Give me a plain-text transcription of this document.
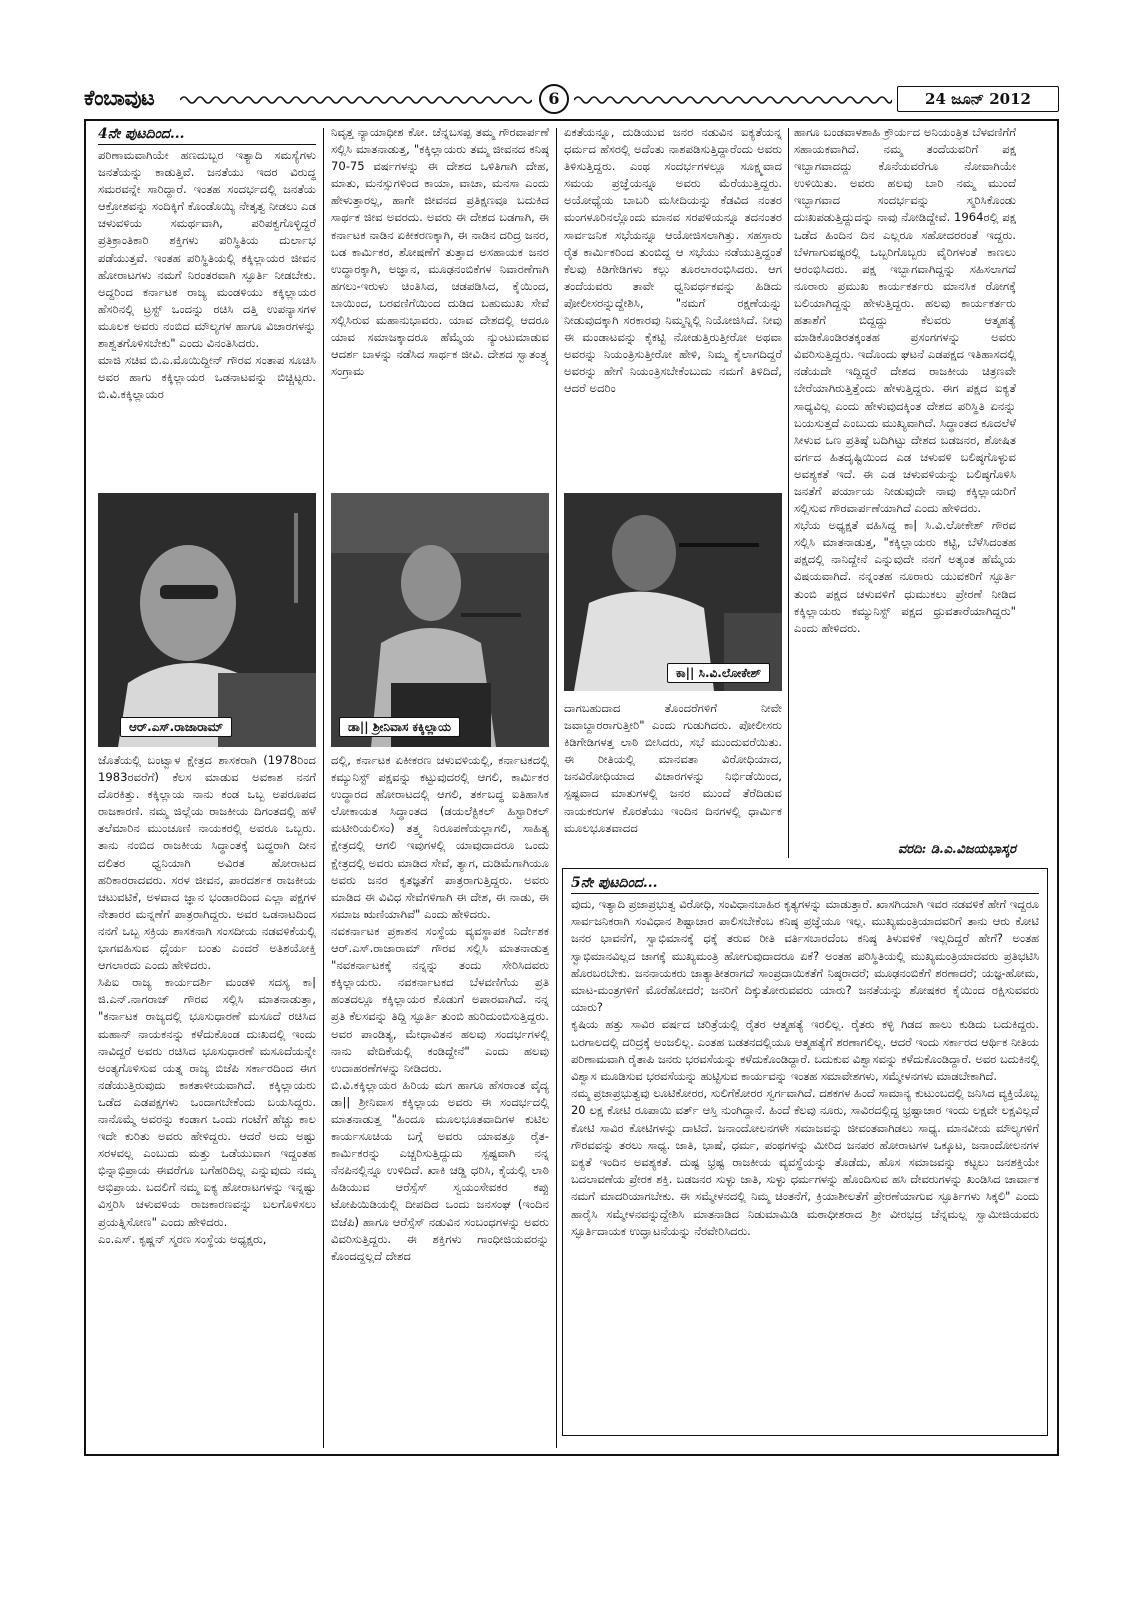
ಕೆಂಬಾವುಟ	6	24 ಜೂನ್ 2012
4ನೇ ಪುಟದಿಂದ...

ಪರಿಣಾಮವಾಗಿಯೇ ಹಣದುಬ್ಬರ ಇತ್ಯಾದಿ ಸಮಸ್ಯೆಗಳು ಜನತೆಯನ್ನು ಕಾಡುತ್ತಿವೆ. ಜನತೆಯು ಇದರ ವಿರುದ್ಧ ಸಮರವನ್ನೇ ಸಾರಿದ್ದಾರೆ. ಇಂತಹ ಸಂದರ್ಭದಲ್ಲಿ ಜನತೆಯ ಆಕ್ರೋಶವನ್ನು ಸಂದಿಕ್ಕಿಗೆ ಕೊಂಡೊಯ್ಯಿ ನೇತೃತ್ವ ನೀಡಲು ಎಡ ಚಳುವಳಿಯ ಸಮರ್ಥವಾಗಿ, ಪರಿಪಕ್ವಗೊಳ್ಳಿದ್ದರೆ ಪ್ರತಿಕ್ರಾಂತಿಕಾರಿ ಶಕ್ತಿಗಳು ಪರಿಸ್ಥಿತಿಯ ದುರ್ಲಾಭ ಪಡೆಯುತ್ತವೆ. ಇಂತಹ ಪರಿಸ್ಥಿತಿಯಲ್ಲಿ ಕಕ್ಕಿಲ್ಲಾಯರ ಜೀವನ ಹೋರಾಟಗಳು ನಮಗೆ ನಿರಂತರವಾಗಿ ಸ್ಫೂರ್ತಿ ನೀಡಬೇಕು. ಅದ್ದರಿಂದ ಕರ್ನಾಟಕ ರಾಜ್ಯ ಮಂಡಳಿಯು ಕಕ್ಕಿಲ್ಲಾಯರ ಹೆಸರಿನಲ್ಲಿ ಟ್ರಸ್ಟ್ ಒಂದನ್ನು ರಚಿಸಿ ದತ್ತಿ ಉಪನ್ಯಾಸಗಳ ಮೂಲಕ ಅವರು ನಂಬಿದ ಮೌಲ್ಯಗಳ ಹಾಗೂ ವಿಚಾರಗಳನ್ನು ಶಾಶ್ವತಗೊಳಿಸಬೇಕು" ಎಂದು ವಿನಂತಿಸಿದರು.

ಮಾಜಿ ಸಚಿವ ಬಿ.ಎ.ಮೊಯಿದ್ದೀನ್ ಗೌರವ ಸಂತಾಪ ಸೂಚಿಸಿ ಅವರ ಹಾಗು ಕಕ್ಕಿಲ್ಲಾಯರ ಒಡನಾಟವನ್ನು ಬಿಚ್ಚಿಟ್ಟರು. ಬಿ.ವಿ.ಕಕ್ಕಿಲ್ಲಾಯರ

ಆರ್.ಎಸ್.ರಾಜಾರಾಮ್

ಜೊತೆಯಲ್ಲಿ ಬಂಟ್ವಾಳ ಕ್ಷೇತ್ರದ ಶಾಸಕರಾಗಿ (1978ರಿಂದ 1983ರವರೆಗೆ) ಕೆಲಸ ಮಾಡುವ ಅವಕಾಶ ನನಗೆ ದೊರಕಿತ್ತು. ಕಕ್ಕಿಲ್ಲಾಯ ನಾನು ಕಂಡ ಒಬ್ಬ ಅಪರೂಪದ ರಾಜಕಾರಣಿ. ನಮ್ಮ ಜಿಲ್ಲೆಯ ರಾಜಕೀಯ ದಿಗಂತದಲ್ಲಿ ಹಳೆ ತಲೆಮಾರಿನ ಮುಂಚೂಣಿ ನಾಯಕರಲ್ಲಿ ಅವರೂ ಒಬ್ಬರು. ತಾನು ನಂಬಿದ ರಾಜಕೀಯ ಸಿದ್ಧಾಂತಕ್ಕೆ ಬದ್ಧರಾಗಿ ದೀನ ದಲಿತರ ಧ್ವನಿಯಾಗಿ ಅವಿರತ ಹೋರಾಟದ ಹರಿಕಾರರಾದವರು. ಸರಳ ಜೀವನ, ಪಾರದರ್ಶಕ ರಾಜಕೀಯ ಚಟುವಟಿಕೆ, ಅಳವಾದ ಜ್ಞಾನ ಭಂಡಾರದಿಂದ ಎಲ್ಲಾ ಪಕ್ಷಗಳ ನೇತಾರರ ಮನ್ನಣೆಗೆ ಪಾತ್ರರಾಗಿದ್ದರು. ಅವರ ಒಡನಾಟದಿಂದ ನನಗೆ ಒಬ್ಬ ಸಕ್ರಿಯ ಶಾಸಕನಾಗಿ ಸಂಸದೀಯ ನಡವಳಿಕೆಯಲ್ಲಿ ಭಾಗವಹಿಸುವ ಧೈರ್ಯ ಬಂತು ಎಂದರೆ ಅತಿಶಯೋಕ್ತಿ ಆಗಲಾರದು ಎಂದು ಹೇಳಿದರು.

ಸಿಪಿಐ ರಾಜ್ಯ ಕಾರ್ಯದರ್ಶಿ ಮಂಡಳಿ ಸದಸ್ಯ ಕಾ| ಜಿ.ಎನ್.ನಾಗರಾಜ್ ಗೌರವ ಸಲ್ಲಿಸಿ ಮಾತನಾಡುತ್ತಾ, "ಕರ್ನಾಟಕ ರಾಜ್ಯದಲ್ಲಿ ಭೂಸುಧಾರಣೆ ಮಸೂದೆ ರಚಿಸಿದ ಮಹಾನ್ ನಾಯಕನನ್ನು ಕಳೆದುಕೊಂಡ ದುಃಖದಲ್ಲಿ ಇಂದು ನಾವಿದ್ದರೆ ಅವರು ರಚಿಸಿದ ಭೂಸುಧಾರಣೆ ಮಸೂದೆಯನ್ನೇ ಅಂತ್ಯಗೊಳಿಸುವ ಯತ್ನ ರಾಜ್ಯ ಬಿಜೆಪಿ ಸರ್ಕಾರದಿಂದ ಈಗ ನಡೆಯುತ್ತಿರುವುದು ಕಾಕತಾಳೀಯವಾಗಿದೆ. ಕಕ್ಕಿಲ್ಲಾಯರು ಒಡೆದ ಎಡಪಕ್ಷಗಳು ಒಂದಾಗಬೇಕೆಂದು ಬಯಸಿದ್ದರು. ನಾನೊಮ್ಮೆ ಅವರನ್ನು ಕಂಡಾಗ ಒಂದು ಗಂಟೆಗೆ ಹೆಚ್ಚು ಕಾಲ ಇದೇ ಕುರಿತು ಅವರು ಹೇಳಿದ್ದರು. ಆದರೆ ಅದು ಅಷ್ಟು ಸರಳವಲ್ಲ ಎಂಬುದು ಮತ್ತು ಒಡೆಯುವಾಗ ಇದ್ದಂತಹ ಭಿನ್ನಾಭಿಪ್ರಾಯ ಈವರೆಗೂ ಬಗೆಹರಿದಿಲ್ಲ ಎನ್ನುವುದು ನಮ್ಮ ಅಭಿಪ್ರಾಯ. ಬದಲಿಗೆ ನಮ್ಮ ಐಕ್ಯ ಹೋರಾಟಗಳನ್ನು ಇನ್ನಷ್ಟು ವಿಸ್ತರಿಸಿ ಚಳುವಳಿಯ ರಾಜಕಾರಣವನ್ನು ಬಲಗೊಳಿಸಲು ಪ್ರಯತ್ನಿಸೋಣ" ಎಂದು ಹೇಳಿದರು.

ಎಂ.ಎಸ್. ಕೃಷ್ಣನ್ ಸ್ಮರಣ ಸಂಸ್ಥೆಯ ಅಧ್ಯಕ್ಷರು,

ನಿವೃತ್ತ ನ್ಯಾಯಾಧೀಶ ಕೋ. ಚೆನ್ನಬಸಪ್ಪ ತಮ್ಮ ಗೌರವಾರ್ಪಣೆ ಸಲ್ಲಿಸಿ ಮಾತನಾಡುತ್ತ, "ಕಕ್ಕಿಲ್ಲಾಯರು ತಮ್ಮ ಜೀವನದ ಕನಿಷ್ಠ 70-75 ವರ್ಷಗಳನ್ನು ಈ ದೇಶದ ಒಳಿತಿಗಾಗಿ ದೇಹ, ಮಾತು, ಮನಸ್ಸುಗಳಿಂದ ಕಾಯಾ, ವಾಚಾ, ಮನಸಾ ಎಂದು ಹೇಳುತ್ತಾರಲ್ಲ, ಹಾಗೇ ಜೀವನದ ಪ್ರತಿಕ್ಷಣವೂ ಬದುಕಿದ ಸಾರ್ಥಕ ಜೀವ ಅವರದು. ಅವರು ಈ ದೇಶದ ಬಡಗಾಗಿ, ಈ ಕರ್ನಾಟಕ ನಾಡಿನ ಏಕೀಕರಣಕ್ಕಾಗಿ, ಈ ನಾಡಿನ ದರಿದ್ರ ಜನರ, ಬಡ ಕಾರ್ಮಿಕರ, ಶೋಷಣೆಗೆ ತುತ್ತಾದ ಅಸಹಾಯಕ ಜನರ ಉದ್ಧಾರಕ್ಕಾಗಿ, ಅಜ್ಞಾನ, ಮೂಢನಂಬಿಕೆಗಳ ನಿವಾರಣೆಗಾಗಿ ಹಗಲು-ಇರುಳು ಚಿಂತಿಸಿದ, ಚಡಪಡಿಸಿದ, ಕೈಯಿಂದ, ಬಾಯಿಂದ, ಬರವಣಿಗೆಯಿಂದ ದುಡಿದ ಬಹುಮುಖ ಸೇವೆ ಸಲ್ಲಿಸಿರುವ ಮಹಾನುಭಾವರು. ಯಾವ ದೇಶದಲ್ಲಿ ಆದರೂ ಯಾವ ಸಮಾಜಕ್ಕಾದರೂ ಹೆಮ್ಮೆಯ ನ್ಯುಂಟುಮಾಡುವ ಆದರ್ಶ ಬಾಳನ್ನು ನಡೆಸಿದ ಸಾರ್ಥಕ ಜೀವಿ. ದೇಶದ ಸ್ವಾತಂತ್ರ್ಯ ಸಂಗ್ರಾಮ

ಡಾ|| ಶ್ರೀನಿವಾಸ ಕಕ್ಕಿಲ್ಲಾಯ

ದಲ್ಲಿ, ಕರ್ನಾಟಕ ಏಕೀಕರಣ ಚಳುವಳಿಯಲ್ಲಿ, ಕರ್ನಾಟಕದಲ್ಲಿ ಕಮ್ಯುನಿಸ್ಟ್ ಪಕ್ಷವನ್ನು ಕಟ್ಟುವುದರಲ್ಲಿ ಆಗಲಿ, ಕಾರ್ಮಿಕರ ಉದ್ಧಾರದ ಹೋರಾಟದಲ್ಲಿ ಆಗಲಿ, ತರ್ಕಬದ್ಧ ಐತಿಹಾಸಿಕ ಲೋಕಾಯತ ಸಿದ್ಧಾಂತದ (ಡಯಲೆಕ್ಟಿಕಲ್ ಹಿಸ್ಟಾರಿಕಲ್ ಮಟೀರಿಯಲಿಸಂ) ತತ್ತ್ವ ನಿರೂಪಣೆಯಲ್ಲಾಗಲಿ, ಸಾಹಿತ್ಯ ಕ್ಷೇತ್ರದಲ್ಲಿ ಆಗಲಿ ಇವುಗಳಲ್ಲಿ ಯಾವುದಾದರೂ ಒಂದು ಕ್ಷೇತ್ರದಲ್ಲಿ ಅವರು ಮಾಡಿದ ಸೇವೆ, ತ್ಯಾಗ, ದುಡಿಮೆಗಾಗಿಯೂ ಅವರು ಜನರ ಕೃತಜ್ಞತೆಗೆ ಪಾತ್ರರಾಗುತ್ತಿದ್ದರು. ಅವರು ಮಾಡಿದ ಈ ವಿವಿಧ ಸೇವೆಗಳಿಗಾಗಿ ಈ ದೇಶ, ಈ ನಾಡು, ಈ ಸಮಾಜ ಋಣಿಯಾಗಿವೆ" ಎಂದು ಹೇಳಿದರು.

ನವಕರ್ನಾಟಕ ಪ್ರಕಾಶನ ಸಂಸ್ಥೆಯ ವ್ಯವಸ್ಥಾಪಕ ನಿರ್ದೇಶಕ ಆರ್.ಎಸ್.ರಾಜಾರಾಮ್ ಗೌರವ ಸಲ್ಲಿಸಿ ಮಾತನಾಡುತ್ತ "ನವಕರ್ನಾಟಕಕ್ಕೆ ನನ್ನನ್ನು ತಂದು ಸೇರಿಸಿದವರು ಕಕ್ಕಿಲ್ಲಾಯರು. ನವಕರ್ನಾಟಕದ ಬೆಳವಣಿಗೆಯ ಪ್ರತಿ ಹಂತದಲ್ಲೂ ಕಕ್ಕಿಲ್ಲಾಯರ ಕೊಡುಗೆ ಅಪಾರವಾಗಿದೆ. ನನ್ನ ಪ್ರತಿ ಕೆಲಸವನ್ನು ತಿದ್ದಿ ಸ್ಫೂರ್ತಿ ತುಂಬಿ ಹುರಿದುಂಬಿಸುತ್ತಿದ್ದರು. ಅವರ ಪಾಂಡಿತ್ಯ, ಮೇಧಾವಿತನ ಹಲವು ಸಂದರ್ಭಗಳಲ್ಲಿ ನಾನು ವೇದಿಕೆಯಲ್ಲಿ ಕಂಡಿದ್ದೇನೆ" ಎಂದು ಹಲವು ಉದಾಹರಣೆಗಳನ್ನು ನೀಡಿದರು.

ಬಿ.ವಿ.ಕಕ್ಕಿಲ್ಲಾಯರ ಹಿರಿಯ ಮಗ ಹಾಗೂ ಹೆಸರಾಂತ ವೈದ್ಯ ಡಾ|| ಶ್ರೀನಿವಾಸ ಕಕ್ಕಿಲ್ಲಾಯ ಅವರು ಈ ಸಂದರ್ಭದಲ್ಲಿ ಮಾತನಾಡುತ್ತ "ಹಿಂದೂ ಮೂಲಭೂತವಾದಿಗಳ ಕುಟಿಲ ಕಾರ್ಯಸೂಚಿಯ ಬಗ್ಗೆ ಅವರು ಯಾವತ್ತೂ ರೈತ-ಕಾರ್ಮಿಕರನ್ನು ಎಚ್ಚರಿಸುತ್ತಿದ್ದುದು ಸ್ಪಷ್ಟವಾಗಿ ನನ್ನ ನೆನಪಿನಲ್ಲಿನ್ನೂ ಉಳಿದಿದೆ. ಖಾಕಿ ಚಡ್ಡಿ ಧರಿಸಿ, ಕೈಯಲ್ಲಿ ಲಾಠಿ ಹಿಡಿಯುವ ಆರೆಸ್ಸೆಸ್ ಸ್ವಯಂಸೇವಕರ ಕಪ್ಪು ಟೋಪಿಯಿಡಿಯಲ್ಲಿ ದೀಪದಿದ ಒಂದು ಜನಸಂಘ (ಇಂದಿನ ಬಿಜೆಪಿ) ಹಾಗೂ ಆರೆಸ್ಸೆಸ್ ನಡುವಿನ ಸಂಬಂಧಗಳನ್ನು ಅವರು ವಿವರಿಸುತ್ತಿದ್ದರು. ಈ ಶಕ್ತಿಗಳು ಗಾಂಧೀಜಿಯವರನ್ನು ಕೊಂದದ್ದಲ್ಲದೆ ದೇಶದ

ಏಕತೆಯನ್ನೂ, ದುಡಿಯುವ ಜನರ ನಡುವಿನ ಐಕ್ಯತೆಯನ್ನ ಧರ್ಮದ ಹೆಸರಲ್ಲಿ ಅದೆಂತು ನಾಶಪಡಿಸುತ್ತಿದ್ದಾರೆಂದು ಅವರು ತಿಳಿಸುತ್ತಿದ್ದರು. ಎಂಥ ಸಂದರ್ಭಗಳಲ್ಲೂ ಸೂಕ್ಷ್ಮವಾದ ಸಮಯ ಪ್ರಜ್ಞೆಯನ್ನೂ ಅವರು ಮೆರೆಯುತ್ತಿದ್ದರು. ಅಯೋಧ್ಯೆಯ ಬಾಬರಿ ಮಸೀದಿಯನ್ನು ಕೆಡವಿದ ನಂತರ ಮಂಗಳೂರಿನಲ್ಲೊಂದು ಮಾನವ ಸರಪಳಿಯನ್ನೂ ತದನಂತರ ಸಾರ್ವಜನಿಕ ಸಭೆಯನ್ನೂ ಆಯೋಜಿಸಲಾಗಿತ್ತು. ಸಹಸ್ರಾರು ರೈತ ಕಾರ್ಮಿಕರಿಂದ ತುಂಬಿದ್ದ ಆ ಸಭೆಯು ನಡೆಯುತ್ತಿದ್ದಂತೆ ಕೆಲವು ಕಿಡಿಗೇಡಿಗಳು ಕಲ್ಲು ತೂರಲಾರಂಭಿಸಿದರು. ಆಗ ತಂದೆಯವರು ತಾವೇ ಧ್ವನಿವರ್ಧಕವನ್ನು ಹಿಡಿದು ಪೋಲೀಸರನ್ನುದ್ದೇಶಿಸಿ, "ನಮಗೆ ರಕ್ಷಣೆಯನ್ನು ನೀಡುವುದಕ್ಕಾಗಿ ಸರಕಾರವು ನಿಮ್ಮನ್ನಿಲ್ಲಿ ನಿಯೋಜಿಸಿದೆ. ನೀವು ಈ ಮಂಡಾಟವನ್ನು ಕೈಕಟ್ಟಿ ನೋಡುತ್ತಿರುತ್ತೀರೋ ಅಥವಾ ಅವರನ್ನು ನಿಯಂತ್ರಿಸುತ್ತೀರೋ ಹೇಳಿ, ನಿಮ್ಮ ಕೈಲಾಗದಿದ್ದರೆ ಅವರನ್ನು ಹೇಗೆ ನಿಯಂತ್ರಿಸಬೇಕೆಂಬುದು ನಮಗೆ ತಿಳಿದಿದೆ, ಆದರೆ ಅದರಿಂ

ಕಾ|| ಸಿ.ವಿ.ಲೋಕೇಶ್

ದಾಗಬಹುದಾದ ತೊಂದರೆಗಳಿಗೆ ನೀವೇ ಜವಾಬ್ದಾರರಾಗುತ್ತೀರಿ" ಎಂದು ಗುಡುಗಿದರು. ಪೋಲೀಸರು ಕಿಡಿಗೇಡಿಗಳತ್ತ ಲಾಠಿ ಬೀಸಿದರು, ಸಭೆ ಮುಂದುವರೆಯಿತು. ಈ ರೀತಿಯಲ್ಲಿ ಮಾನವತಾ ವಿರೋಧಿಯಾದ, ಜನವಿರೋಧಿಯಾದ ವಿಚಾರಗಳನ್ನು ನಿರ್ಭಿಡೆಯಿಂದ, ಸ್ಪಷ್ಟವಾದ ಮಾತುಗಳಲ್ಲಿ ಜನರ ಮುಂದೆ ತೆರೆದಿಡುವ ನಾಯಕರುಗಳ ಕೊರತೆಯು ಇಂದಿನ ದಿನಗಳಲ್ಲಿ ಧಾರ್ಮಿಕ ಮೂಲಭೂತವಾದದ

ಹಾಗೂ ಬಂಡವಾಳಶಾಹಿ ಕ್ರೌರ್ಯದ ಅನಿಯಂತ್ರಿತ ಬೆಳವಣಿಗೆಗೆ ಸಹಾಯಕವಾಗಿದೆ. ನಮ್ಮ ತಂದೆಯವರಿಗೆ ಪಕ್ಷ ಇಬ್ಭಾಗವಾದದ್ದು ಕೊನೆಯವರೆಗೂ ನೋವಾಗಿಯೇ ಉಳಿಯಿತು. ಅವರು ಹಲವು ಬಾರಿ ನಮ್ಮ ಮುಂದೆ ಇಬ್ಭಾಗವಾದ ಸಂದರ್ಭವನ್ನು ಸ್ಮರಿಸಿಕೊಂಡು ದುಃಖಪಡುತ್ತಿದ್ದುದನ್ನು ನಾವು ನೋಡಿದ್ದೇವೆ. 1964ರಲ್ಲಿ ಪಕ್ಷ ಒಡೆದ ಹಿಂದಿನ ದಿನ ಎಲ್ಲರೂ ಸಹೋದರರಂತೆ ಇದ್ದರು. ಬೆಳಗಾಗುವಷ್ಟರಲ್ಲಿ ಒಬ್ಬರಿಗೊಬ್ಬರು ವೈರಿಗಳಂತೆ ಕಾಣಲು ಆರಂಭಿಸಿದರು. ಪಕ್ಷ ಇಬ್ಭಾಗವಾಗಿದ್ದನ್ನು ಸಹಿಸಲಾಗದೆ ನೂರಾರು ಪ್ರಮುಖ ಕಾರ್ಯಕರ್ತರು ಮಾನಸಿಕ ರೋಗಕ್ಕೆ ಬಲಿಯಾಗಿದ್ದನ್ನು ಹೇಳುತ್ತಿದ್ದರು. ಹಲವು ಕಾರ್ಯಕರ್ತರು ಹತಾಶೆಗೆ ಬಿದ್ದದ್ದು ಕೆಲವರು ಆತ್ಮಹತ್ಯೆ ಮಾಡಿಕೊಂಡಿರತಕ್ಕಂತಹ ಪ್ರಸಂಗಗಳನ್ನು ಅವರು ವಿವರಿಸುತ್ತಿದ್ದರು. ಇದೊಂದು ಘಟನೆ ಎಡಪಕ್ಷದ ಇತಿಹಾಸದಲ್ಲಿ ನಡೆಯದೇ ಇದ್ದಿದ್ದರೆ ದೇಶದ ರಾಜಕೀಯ ಚಿತ್ರಣವೇ ಬೇರೆಯಾಗಿರುತ್ತಿತ್ತೆಂದು ಹೇಳುತ್ತಿದ್ದರು. ಈಗ ಪಕ್ಷದ ಐಕ್ಯತೆ ಸಾಧ್ಯವಿಲ್ಲ ಎಂದು ಹೇಳುವುದಕ್ಕಿಂತ ದೇಶದ ಪರಿಸ್ಥಿತಿ ಏನನ್ನು ಬಯಸುತ್ತದೆ ಎಂಬುದು ಮುಖ್ಯವಾಗಿದೆ. ಸಿದ್ಧಾಂತದ ಕೂದಲೆಳೆ ಸೀಳುವ ಒಣ ಪ್ರತಿಷ್ಠೆ ಬದಿಗಿಟ್ಟು ದೇಶದ ಬಡಜನರ, ಶೋಷಿತ ವರ್ಗದ ಹಿತದೃಷ್ಟಿಯಿಂದ ಎಡ ಚಳುವಳಿ ಬಲಿಷ್ಠಗೊಳ್ಳುವ ಅವಶ್ಯಕತೆ ಇದೆ. ಈ ಎಡ ಚಳುವಳಿಯನ್ನು ಬಲಿಷ್ಠಗೊಳಿಸಿ ಜನತೆಗೆ ಪರ್ಯಾಯ ನೀಡುವುದೇ ನಾವು ಕಕ್ಕಿಲ್ಲಾಯರಿಗೆ ಸಲ್ಲಿಸುವ ಗೌರವಾರ್ಪಣೆಯಾಗಿದೆ ಎಂದು ಹೇಳಿದರು.

ಸಭೆಯ ಅಧ್ಯಕ್ಷತೆ ವಹಿಸಿದ್ದ ಕಾ| ಸಿ.ವಿ.ಲೋಕೇಶ್ ಗೌರವ ಸಲ್ಲಿಸಿ ಮಾತನಾಡುತ್ತ, "ಕಕ್ಕಿಲ್ಲಾಯರು ಕಟ್ಟಿ, ಬೆಳೆಸಿದಂತಹ ಪಕ್ಷದಲ್ಲಿ ನಾನಿದ್ದೇನೆ ಎನ್ನುವುದೇ ನನಗೆ ಅತ್ಯಂತ ಹೆಮ್ಮೆಯ ವಿಷಯವಾಗಿದೆ. ನನ್ನಂತಹ ನೂರಾರು ಯುವಕರಿಗೆ ಸ್ಫೂರ್ತಿ ತುಂಬಿ ಪಕ್ಷದ ಚಳುವಳಿಗೆ ಧುಮುಕಲು ಪ್ರೇರಣೆ ನೀಡಿದ ಕಕ್ಕಿಲ್ಲಾಯರು ಕಮ್ಯುನಿಸ್ಟ್ ಪಕ್ಷದ ಧ್ರುವತಾರೆಯಾಗಿದ್ದರು" ಎಂದು ಹೇಳಿದರು.

ವರದಿ: ಡಿ.ಎ.ವಿಜಯಭಾಸ್ಕರ
5ನೇ ಪುಟದಿಂದ...

ವುದು, ಇತ್ಯಾದಿ ಪ್ರಜಾಪ್ರಭುತ್ವ ವಿರೋಧಿ, ಸಂವಿಧಾನಬಾಹಿರ ಕೃತ್ಯಗಳನ್ನು ಮಾಡುತ್ತಾರೆ. ಖಾಸಗಿಯಾಗಿ ಇವರ ನಡವಳಿಕೆ ಹೇಗೆ ಇದ್ದರೂ ಸಾರ್ವಜನಿಕರಾಗಿ ಸಂವಿಧಾನ ಶಿಷ್ಟಾಚಾರ ಪಾಲಿಸಬೇಕೆಂಬ ಕನಿಷ್ಠ ಪ್ರಜ್ಞೆಯೂ ಇಲ್ಲ. ಮುಖ್ಯಮಂತ್ರಿಯಾದವರಿಗೆ ತಾನು ಆರು ಕೋಟಿ ಜನರ ಭಾವನೆಗೆ, ಸ್ವಾಭಿಮಾನಕ್ಕೆ ಧಕ್ಕೆ ತರುವ ರೀತಿ ವರ್ತಿಸಬಾರದೆಂಬ ಕನಿಷ್ಠ ತಿಳುವಳಿಕೆ ಇಲ್ಲದಿದ್ದರೆ ಹೇಗೆ? ಅಂತಹ ಸ್ವಾಭಿಮಾನವಿಲ್ಲದ ಜಾಗಕ್ಕೆ ಮುಖ್ಯಮಂತ್ರಿ ಹೋಗುವುದಾದರೂ ಏಕೆ? ಅಂತಹ ಪರಿಸ್ಥಿತಿಯಲ್ಲಿ ಮುಖ್ಯಮಂತ್ರಿಯಾದವರು ಪ್ರತಿಭಟಿಸಿ ಹೊರಬರಬೇಕು. ಜನನಾಯಕರು ಜಾತ್ಯಾತೀತರಾಗದೆ ಸಾಂಪ್ರದಾಯಿಕತೆಗೆ ನಿಷ್ಠರಾದರೆ; ಮೂಢನಂಬಿಕೆಗೆ ಶರಣಾದರೆ; ಯಜ್ಞ-ಹೋಮ, ಮಾಟ-ಮಂತ್ರಗಳಿಗೆ ಮೊರೆಹೋದರೆ; ಜನರಿಗೆ ದಿಕ್ಕುತೋರುವವರು ಯಾರು? ಜನತೆಯನ್ನು ಶೋಷಕರ ಕೈಯಿಂದ ರಕ್ಷಿಸುವವರು ಯಾರು?

ಕೃಷಿಯ ಹತ್ತು ಸಾವಿರ ವರ್ಷದ ಚರಿತ್ರೆಯಲ್ಲಿ ರೈತರ ಆತ್ಮಹತ್ಯೆ ಇರಲಿಲ್ಲ. ರೈತರು ಕಳ್ಳಿ ಗಿಡದ ಹಾಲು ಕುಡಿದು ಬದುಕಿದ್ದರು. ಬರಗಾಲದಲ್ಲಿ ದರಿದ್ರಕ್ಕೆ ಅಂಜಲಿಲ್ಲ. ಎಂತಹ ಬಡತನದಲ್ಲಿಯೂ ಆತ್ಮಹತ್ಯೆಗೆ ಶರಣಾಗಲಿಲ್ಲ. ಆದರೆ ಇಂದು ಸರ್ಕಾರದ ಆರ್ಥಿಕ ನೀತಿಯ ಪರಿಣಾಮವಾಗಿ ರೈತಾಪಿ ಜನರು ಭರವಸೆಯನ್ನು ಕಳೆದುಕೊಂಡಿದ್ದಾರೆ. ಬದುಕುವ ವಿಶ್ವಾಸವನ್ನು ಕಳೆದುಕೊಂಡಿದ್ದಾರೆ. ಅವರ ಬದುಕಿನಲ್ಲಿ ವಿಶ್ವಾಸ ಮೂಡಿಸುವ ಭರವಸೆಯನ್ನು ಹುಟ್ಟಿಸುವ ಕಾರ್ಯವನ್ನು ಇಂತಹ ಸಮಾವೇಶಗಳು, ಸಮ್ಮೇಳನಗಳು ಮಾಡಬೇಕಾಗಿದೆ.

ನಮ್ಮ ಪ್ರಜಾಪ್ರಭುತ್ವವು ಲೂಟಿಕೋರರ, ಸುಲಿಗೆಕೋರರ ಸ್ವರ್ಗವಾಗಿದೆ. ದಶಕಗಳ ಹಿಂದೆ ಸಾಮಾನ್ಯ ಕುಟುಂಬದಲ್ಲಿ ಜನಿಸಿದ ವ್ಯಕ್ತಿಯೊಬ್ಬ 20 ಲಕ್ಷ ಕೋಟಿ ರೂಪಾಯಿ ವರ್ತ್ ಆಸ್ತಿ ನುಂಗಿದ್ದಾನೆ. ಹಿಂದೆ ಕೆಲವು ನೂರು, ಸಾವಿರದಲ್ಲಿದ್ದ ಭ್ರಷ್ಟಾಚಾರ ಇಂದು ಲಕ್ಷವೇ ಲಕ್ಷವಿಲ್ಲದೆ ಕೋಟಿ ಸಾವಿರ ಕೋಟಿಗಳನ್ನು ದಾಟಿದೆ. ಜನಾಂದೋಲನಗಳೇ ಸಮಾಜವನ್ನು ಜೀವಂತವಾಗಿಡಲು ಸಾಧ್ಯ. ಮಾನವೀಯ ಮೌಲ್ಯಗಳಿಗೆ ಗೌರವವನ್ನು ತರಲು ಸಾಧ್ಯ. ಜಾತಿ, ಭಾಷೆ, ಧರ್ಮ, ಪಂಥಗಳನ್ನು ಮೀರಿದ ಜನಪರ ಹೋರಾಟಗಳ ಒಕ್ಕೂಟ, ಜನಾಂದೋಲನಗಳ ಐಕ್ಯತೆ ಇಂದಿನ ಅವಶ್ಯಕತೆ. ದುಷ್ಟ ಭ್ರಷ್ಟ ರಾಜಕೀಯ ವ್ಯವಸ್ಥೆಯನ್ನು ತೊಡೆದು, ಹೊಸ ಸಮಾಜವನ್ನು ಕಟ್ಟಲು ಜನಶಕ್ತಿಯೇ ಬದಲಾವಣೆಯ ಪ್ರೇರಕ ಶಕ್ತಿ. ಬಡಜನರ ಸುಳ್ಳು ಜಾತಿ, ಸುಳ್ಳು ಧರ್ಮಗಳನ್ನು ಹೊಂದಿಸುವ ಹಸಿ ದೇವರುಗಳನ್ನು ಖಂಡಿಸಿದ ಚಾರ್ವಾಕ ನಮಗೆ ಮಾದರಿಯಾಗಬೇಕು. ಈ ಸಮ್ಮೇಳನದಲ್ಲಿ ನಿಮ್ಮ ಚಿಂತನೆಗೆ, ಕ್ರಿಯಾಶೀಲತೆಗೆ ಪ್ರೇರಣೆಯಾಗುವ ಸ್ಫೂರ್ತಿಗಳು ಸಿಕ್ಕಲಿ" ಎಂದು ಹಾರೈಸಿ ಸಮ್ಮೇಳನವನ್ನುದ್ದೇಶಿಸಿ ಮಾತನಾಡಿದ ನಿಡುಮಾಮಿಡಿ ಮಠಾಧೀಶರಾದ ಶ್ರೀ ವೀರಭದ್ರ ಚೆನ್ನಮಲ್ಲ ಸ್ವಾಮೀಜಿಯವರು ಸ್ಫೂರ್ತಿದಾಯಕ ಉದ್ಘಾಟನೆಯನ್ನು ನೆರವೇರಿಸಿದರು.
